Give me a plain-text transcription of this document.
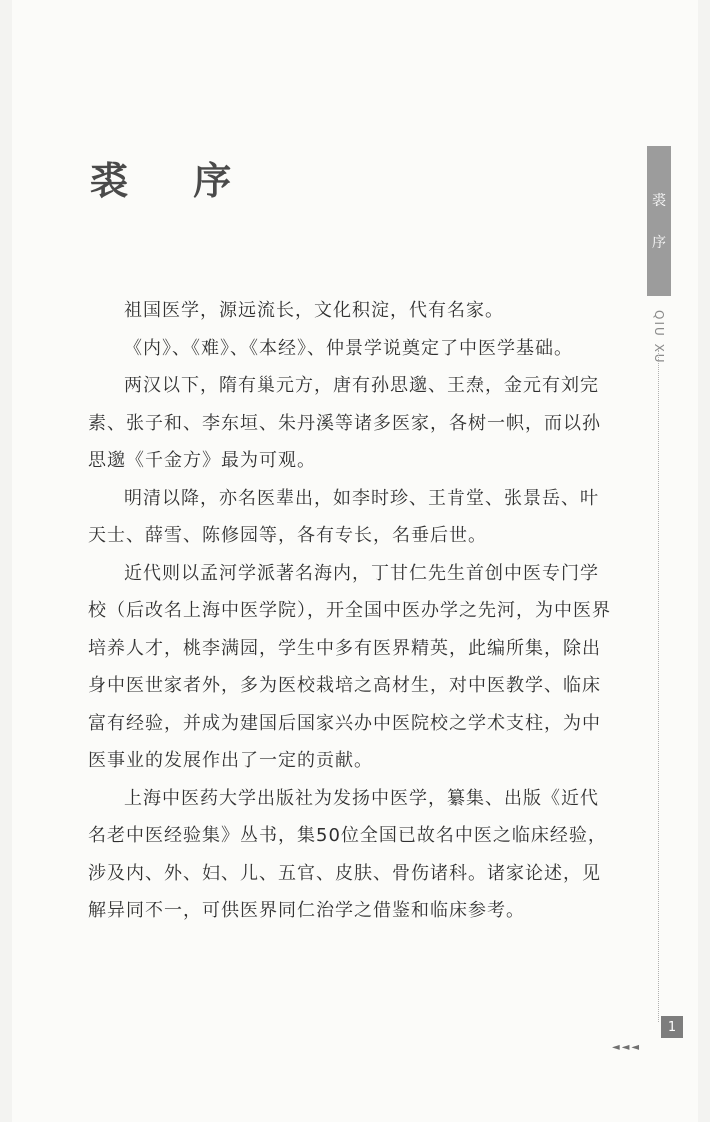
裘 序

祖国医学，源远流长，文化积淀，代有名家。

《内》、《难》、《本经》、仲景学说奠定了中医学基础。

两汉以下，隋有巢元方，唐有孙思邈、王焘，金元有刘完素、张子和、李东垣、朱丹溪等诸多医家，各树一帜，而以孙思邈《千金方》最为可观。

明清以降，亦名医辈出，如李时珍、王肯堂、张景岳、叶天士、薛雪、陈修园等，各有专长，名垂后世。

近代则以孟河学派著名海内，丁甘仁先生首创中医专门学校（后改名上海中医学院），开全国中医办学之先河，为中医界培养人才，桃李满园，学生中多有医界精英，此编所集，除出身中医世家者外，多为医校栽培之高材生，对中医教学、临床富有经验，并成为建国后国家兴办中医院校之学术支柱，为中医事业的发展作出了一定的贡献。

上海中医药大学出版社为发扬中医学，纂集、出版《近代名老中医经验集》丛书，集50位全国已故名中医之临床经验，涉及内、外、妇、儿、五官、皮肤、骨伤诸科。诸家论述，见解异同不一，可供医界同仁治学之借鉴和临床参考。

裘
序
QIU XU
1
◄◄◄
